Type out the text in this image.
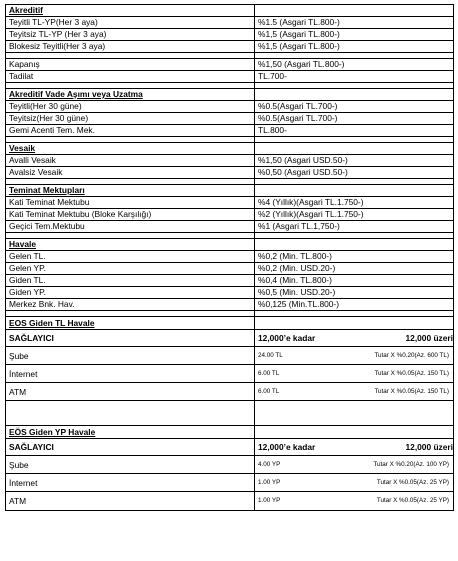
Akreditif
Teyitli TL-YP(Her 3 aya)	%1.5 (Asgari TL.800-)
Teyitsiz TL-YP (Her 3 aya)	%1,5 (Asgari TL.800-)
Blokesiz Teyitli(Her 3 aya)	%1,5 (Asgari TL.800-)
Kapanış	%1,50 (Asgari TL.800-)
Tadilat	TL.700-
Akreditif Vade Aşımı veya Uzatma
Teyitli(Her 30 güne)	%0.5(Asgari TL.700-)
Teyitsiz(Her 30 güne)	%0.5(Asgari TL.700-)
Gemi Acenti Tem. Mek.	TL.800-
Vesaik
Avalli Vesaik	%1,50 (Asgari USD.50-)
Avalsiz Vesaik	%0,50 (Asgari USD.50-)
Teminat Mektupları
Kati Teminat Mektubu	%4 (Yıllık)(Asgari TL.1.750-)
Kati Teminat Mektubu (Bloke Karşılığı)	%2 (Yıllık)(Asgari TL.1.750-)
Geçici Tem.Mektubu	%1 (Asgari TL.1,750-)
Havale
Gelen TL.	%0,2 (Min. TL.800-)
Gelen YP.	%0,2 (Min. USD.20-)
Giden TL.	%0,4 (Min. TL.800-)
Giden YP.	%0,5 (Min. USD.20-)
Merkez Bnk. Hav.	%0,125 (Min.TL.800-)
EOS Giden TL Havale
SAĞLAYICI	12,000’e kadar	12,000 üzeri
Şube	24.00 TL	Tutar X %0.20(Az. 600 TL)
İnternet	6.00 TL	Tutar X %0.05(Az. 150 TL)
ATM	6.00 TL	Tutar X %0.05(Az. 150 TL)
EÖS Giden YP Havale
SAĞLAYICI	12,000’e kadar	12,000 üzeri
Şube	4.00 YP	Tutar X %0.20(Az. 100 YP)
İnternet	1.00 YP	Tutar X %0.05(Az. 25 YP)
ATM	1.00 YP	Tutar X %0.05(Az. 25 YP)
